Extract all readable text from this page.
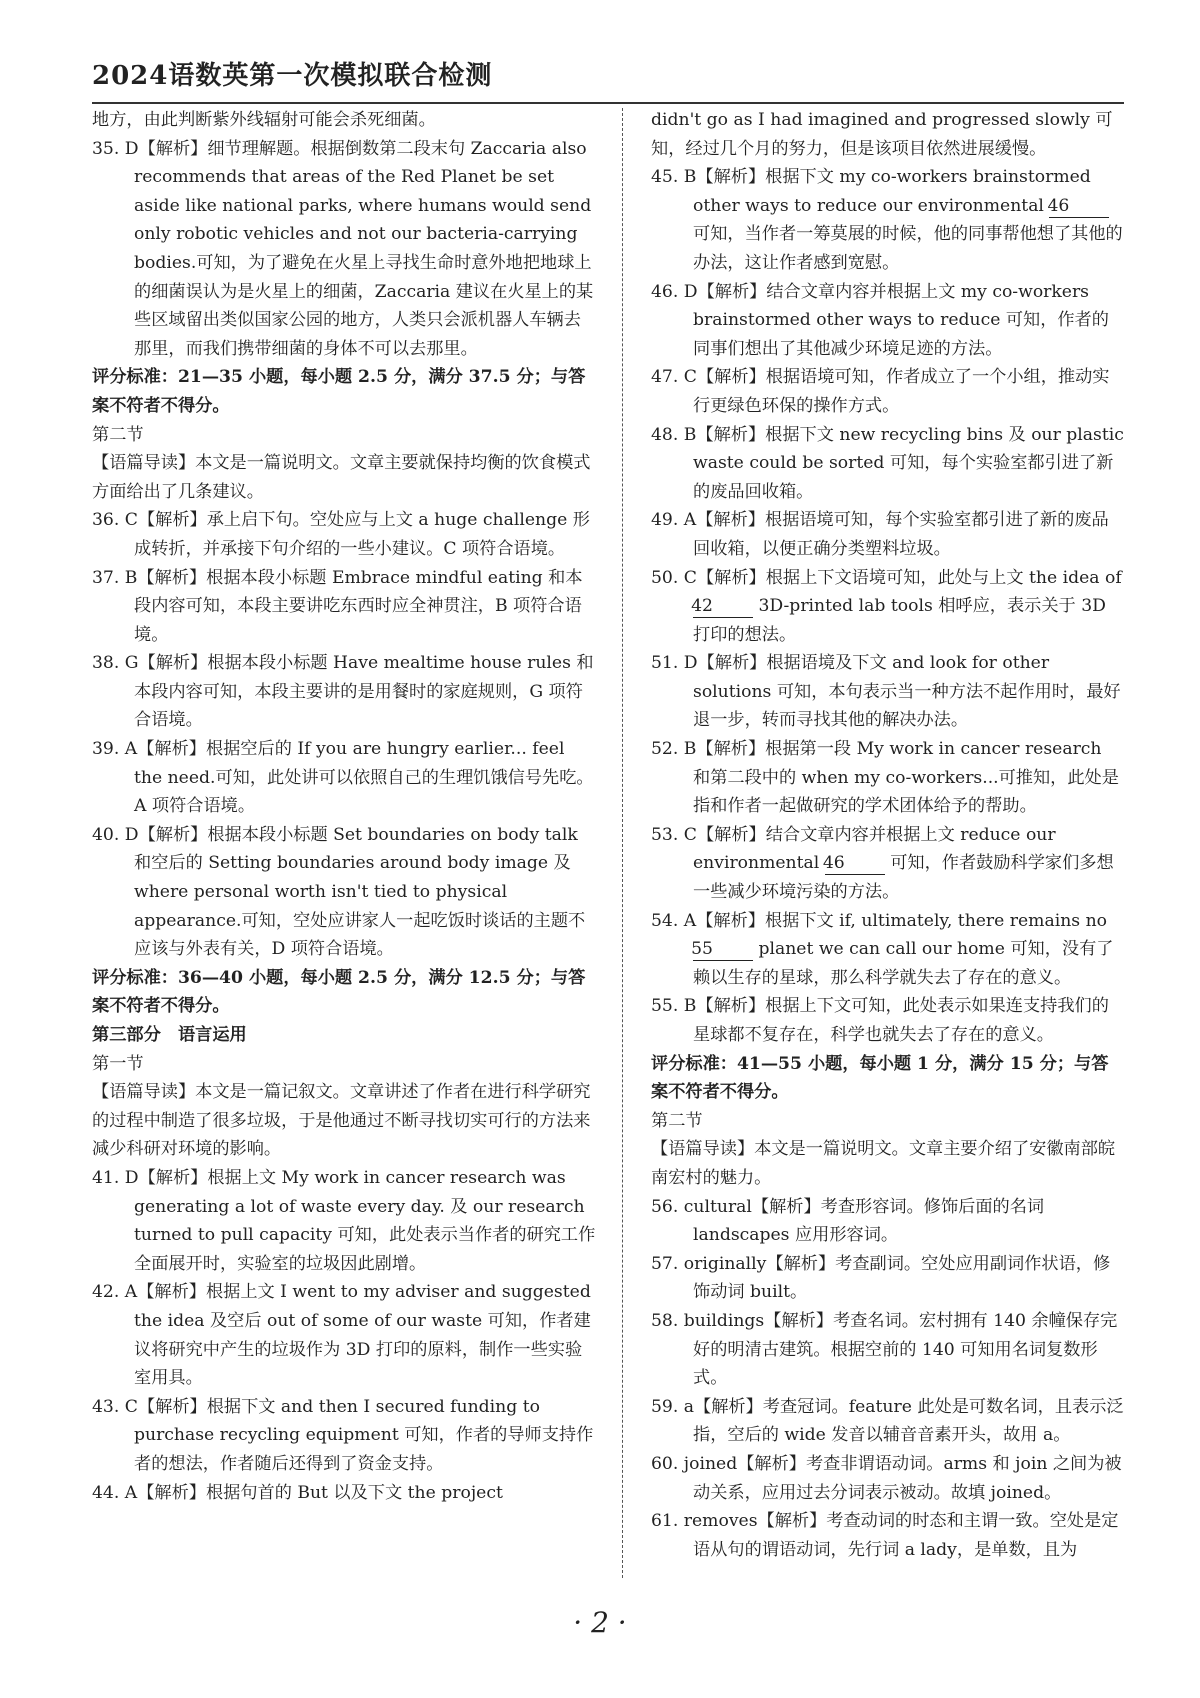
2024语数英第一次模拟联合检测

地方，由此判断紫外线辐射可能会杀死细菌。

35. D【解析】细节理解题。根据倒数第二段末句 Zaccaria also recommends that areas of the Red Planet be set aside like national parks, where humans would send only robotic vehicles and not our bacteria-carrying bodies.可知，为了避免在火星上寻找生命时意外地把地球上的细菌误认为是火星上的细菌，Zaccaria 建议在火星上的某些区域留出类似国家公园的地方，人类只会派机器人车辆去那里，而我们携带细菌的身体不可以去那里。

评分标准：21—35 小题，每小题 2.5 分，满分 37.5 分；与答案不符者不得分。

第二节

【语篇导读】本文是一篇说明文。文章主要就保持均衡的饮食模式方面给出了几条建议。

36. C【解析】承上启下句。空处应与上文 a huge challenge 形成转折，并承接下句介绍的一些小建议。C 项符合语境。

37. B【解析】根据本段小标题 Embrace mindful eating 和本段内容可知，本段主要讲吃东西时应全神贯注，B 项符合语境。

38. G【解析】根据本段小标题 Have mealtime house rules 和本段内容可知，本段主要讲的是用餐时的家庭规则，G 项符合语境。

39. A【解析】根据空后的 If you are hungry earlier... feel the need.可知，此处讲可以依照自己的生理饥饿信号先吃。A 项符合语境。

40. D【解析】根据本段小标题 Set boundaries on body talk 和空后的 Setting boundaries around body image 及 where personal worth isn't tied to physical appearance.可知，空处应讲家人一起吃饭时谈话的主题不应该与外表有关，D 项符合语境。

评分标准：36—40 小题，每小题 2.5 分，满分 12.5 分；与答案不符者不得分。

第三部分　语言运用

第一节

【语篇导读】本文是一篇记叙文。文章讲述了作者在进行科学研究的过程中制造了很多垃圾，于是他通过不断寻找切实可行的方法来减少科研对环境的影响。

41. D【解析】根据上文 My work in cancer research was generating a lot of waste every day. 及 our research turned to pull capacity 可知，此处表示当作者的研究工作全面展开时，实验室的垃圾因此剧增。

42. A【解析】根据上文 I went to my adviser and suggested the idea 及空后 out of some of our waste 可知，作者建议将研究中产生的垃圾作为 3D 打印的原料，制作一些实验室用具。

43. C【解析】根据下文 and then I secured funding to purchase recycling equipment 可知，作者的导师支持作者的想法，作者随后还得到了资金支持。

44. A【解析】根据句首的 But 以及下文 the project

didn't go as I had imagined and progressed slowly 可知，经过几个月的努力，但是该项目依然进展缓慢。

45. B【解析】根据下文 my co-workers brainstormed other ways to reduce our environmental 46 可知，当作者一筹莫展的时候，他的同事帮他想了其他的办法，这让作者感到宽慰。

46. D【解析】结合文章内容并根据上文 my co-workers brainstormed other ways to reduce 可知，作者的同事们想出了其他减少环境足迹的方法。

47. C【解析】根据语境可知，作者成立了一个小组，推动实行更绿色环保的操作方式。

48. B【解析】根据下文 new recycling bins 及 our plastic waste could be sorted 可知，每个实验室都引进了新的废品回收箱。

49. A【解析】根据语境可知，每个实验室都引进了新的废品回收箱，以便正确分类塑料垃圾。

50. C【解析】根据上下文语境可知，此处与上文 the idea of 42	3D-printed lab tools 相呼应，表示关于 3D 打印的想法。

51. D【解析】根据语境及下文 and look for other solutions 可知，本句表示当一种方法不起作用时，最好退一步，转而寻找其他的解决办法。

52. B【解析】根据第一段 My work in cancer research 和第二段中的 when my co-workers...可推知，此处是指和作者一起做研究的学术团体给予的帮助。

53. C【解析】结合文章内容并根据上文 reduce our environmental 46	可知，作者鼓励科学家们多想一些减少环境污染的方法。

54. A【解析】根据下文 if, ultimately, there remains no 55	planet we can call our home 可知，没有了赖以生存的星球，那么科学就失去了存在的意义。

55. B【解析】根据上下文可知，此处表示如果连支持我们的星球都不复存在，科学也就失去了存在的意义。

评分标准：41—55 小题，每小题 1 分，满分 15 分；与答案不符者不得分。

第二节

【语篇导读】本文是一篇说明文。文章主要介绍了安徽南部皖南宏村的魅力。

56. cultural【解析】考查形容词。修饰后面的名词 landscapes 应用形容词。

57. originally【解析】考查副词。空处应用副词作状语，修饰动词 built。

58. buildings【解析】考查名词。宏村拥有 140 余幢保存完好的明清古建筑。根据空前的 140 可知用名词复数形式。

59. a【解析】考查冠词。feature 此处是可数名词，且表示泛指，空后的 wide 发音以辅音音素开头，故用 a。

60. joined【解析】考查非谓语动词。arms 和 join 之间为被动关系，应用过去分词表示被动。故填 joined。

61. removes【解析】考查动词的时态和主谓一致。空处是定语从句的谓语动词，先行词 a lady，是单数，且为

· 2 ·
